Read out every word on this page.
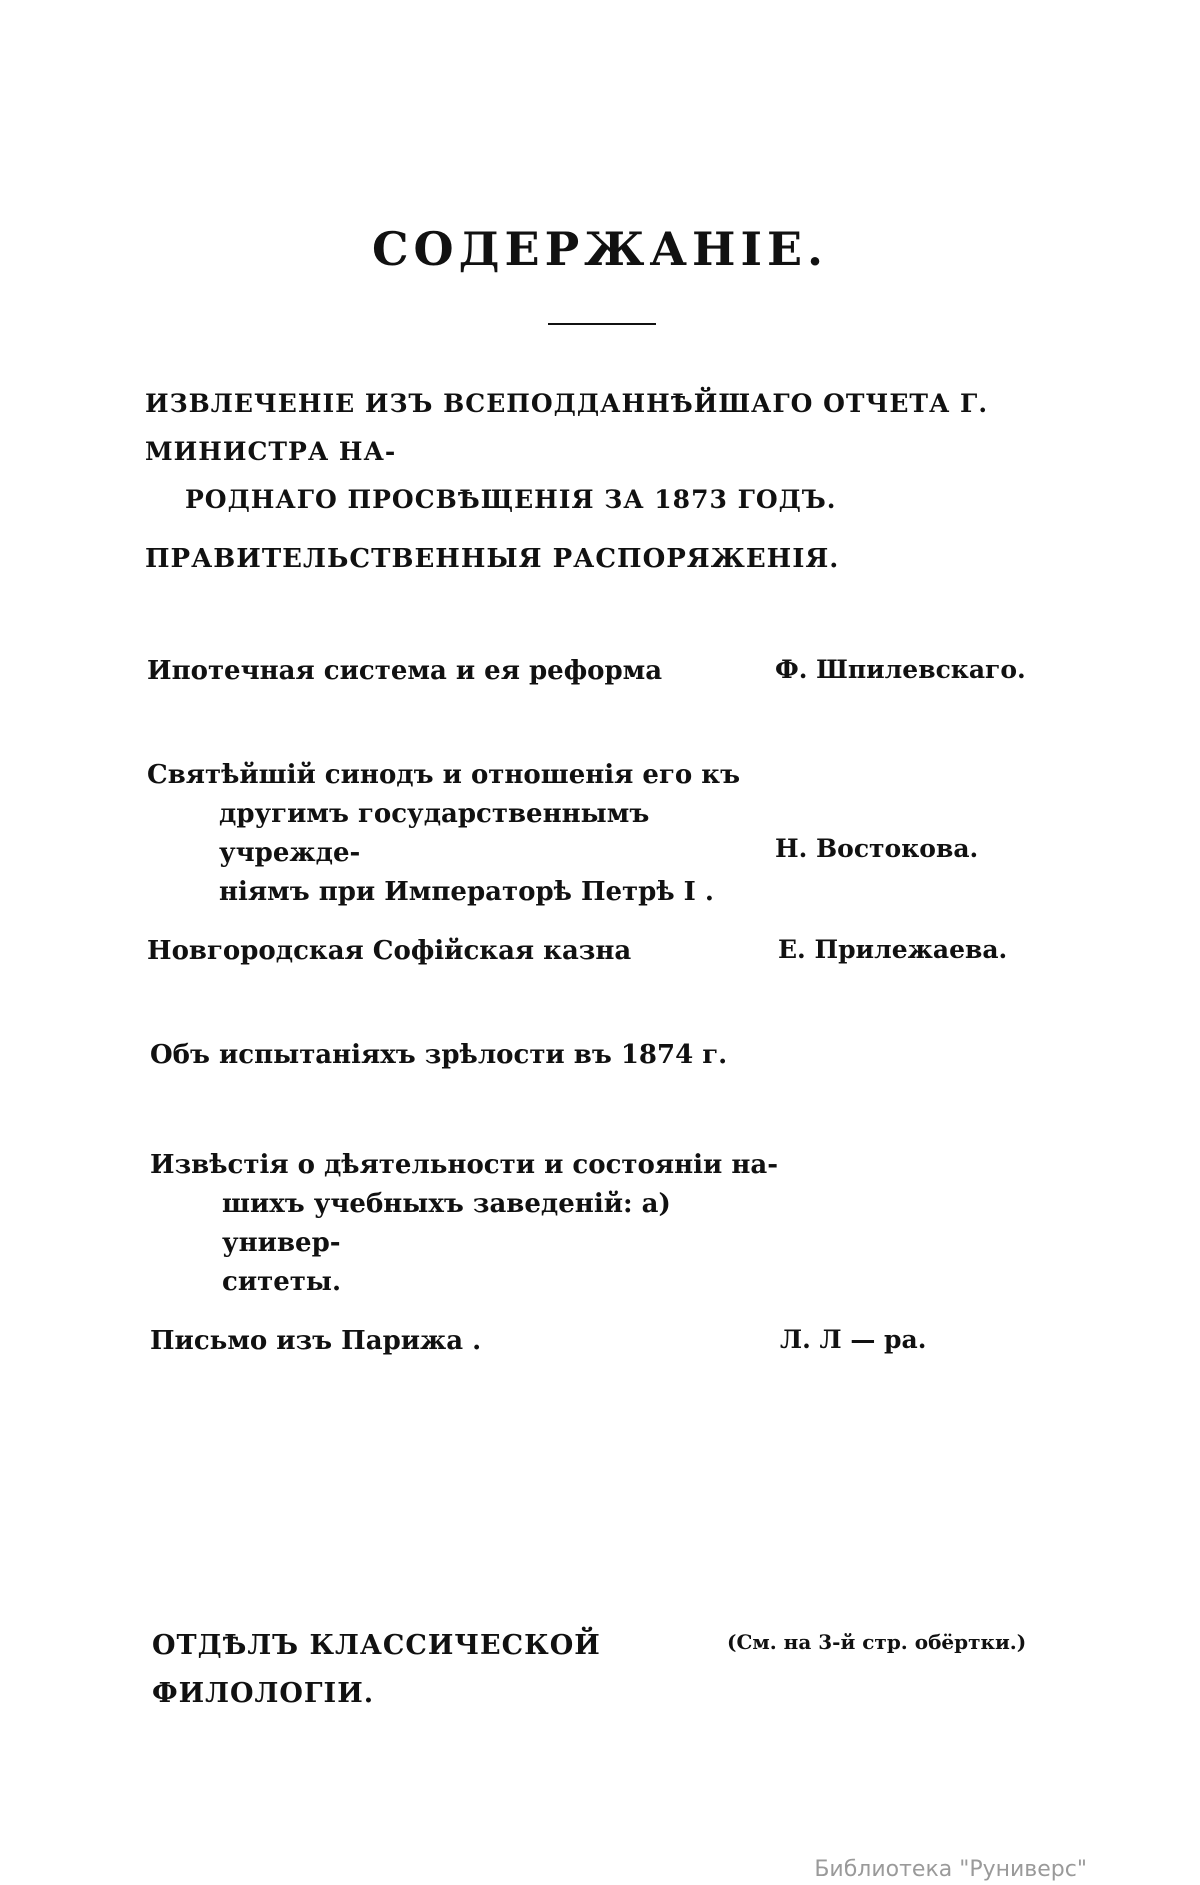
СОДЕРЖАНІЕ.
ИЗВЛЕЧЕНІЕ ИЗЪ ВСЕПОДДАННѢЙШАГО ОТЧЕТА Г. МИНИСТРА НА-
РОДНАГО ПРОСВѢЩЕНІЯ ЗА 1873 ГОДЪ.
ПРАВИТЕЛЬСТВЕННЫЯ РАСПОРЯЖЕНІЯ.
Ипотечная система и ея реформа	Ф. Шпилевскаго.
Святѣйшій синодъ и отношенія его къ
другимъ государственнымъ учрежде-
ніямъ при Императорѣ Петрѣ I .
Н. Востокова.
Новгородская Софійская казна	Е. Прилежаева.
Объ испытаніяхъ зрѣлости въ 1874 г.
Извѣстія о дѣятельности и состояніи на-
шихъ учебныхъ заведеній: а) универ-
ситеты.
Письмо изъ Парижа .	Л. Л — ра.
ОТДѢЛЪ КЛАССИЧЕСКОЙ ФИЛОЛОГІИ.
(См. на 3-й стр. обёртки.)
Библиотека "Руниверс"
